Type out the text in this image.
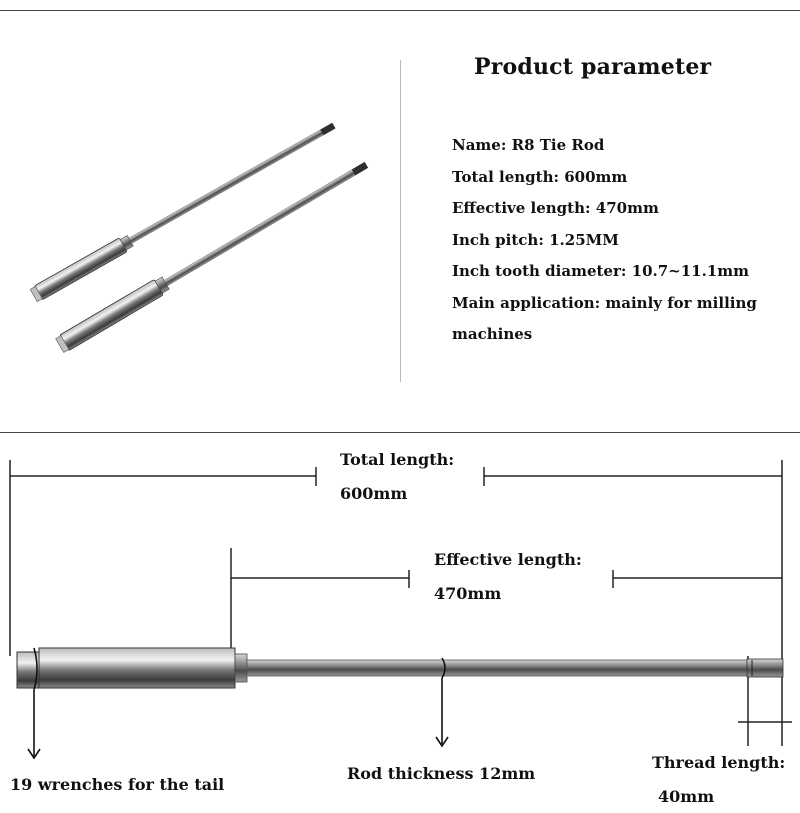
Product parameter
Name: R8 Tie Rod
Total length: 600mm
Effective length: 470mm
Inch pitch: 1.25MM
Inch tooth diameter: 10.7~11.1mm
Main application: mainly for milling
machines
Total length:
600mm
Effective length:
470mm
19 wrenches for the tail
Rod thickness 12mm
Thread length:
40mm
